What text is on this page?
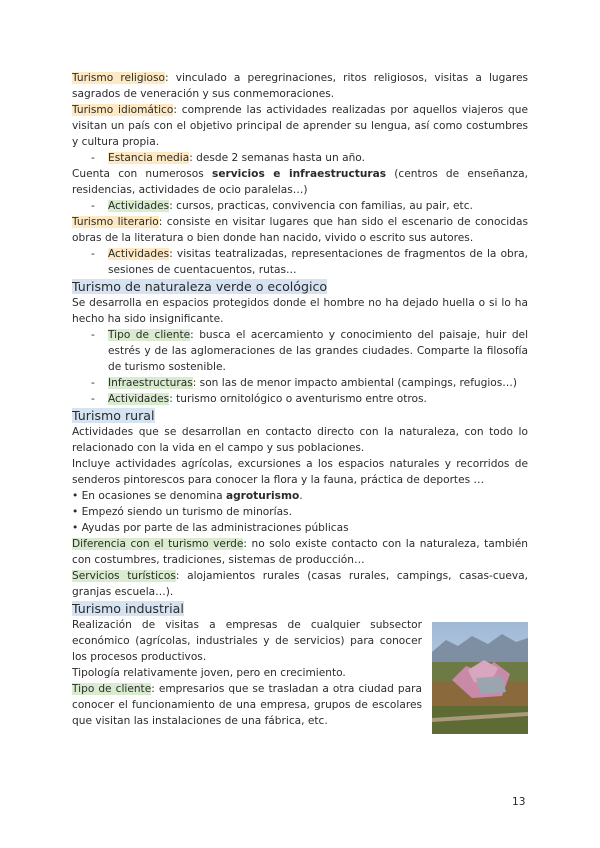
Turismo religioso: vinculado a peregrinaciones, ritos religiosos, visitas a lugares sagrados de veneración y sus conmemoraciones.

Turismo idiomático: comprende las actividades realizadas por aquellos viajeros que visitan un país con el objetivo principal de aprender su lengua, así como costumbres y cultura propia.

- Estancia media: desde 2 semanas hasta un año.

Cuenta con numerosos servicios e infraestructuras (centros de enseñanza, residencias, actividades de ocio paralelas…)

- Actividades: cursos, practicas, convivencia con familias, au pair, etc.

Turismo literario: consiste en visitar lugares que han sido el escenario de conocidas obras de la literatura o bien donde han nacido, vivido o escrito sus autores.

- Actividades: visitas teatralizadas, representaciones de fragmentos de la obra, sesiones de cuentacuentos, rutas…
Turismo de naturaleza verde o ecológico

Se desarrolla en espacios protegidos donde el hombre no ha dejado huella o si lo ha hecho ha sido insignificante.

- Tipo de cliente: busca el acercamiento y conocimiento del paisaje, huir del estrés y de las aglomeraciones de las grandes ciudades. Comparte la filosofía de turismo sostenible.
- Infraestructuras: son las de menor impacto ambiental (campings, refugios…)
- Actividades: turismo ornitológico o aventurismo entre otros.
Turismo rural

Actividades que se desarrollan en contacto directo con la naturaleza, con todo lo relacionado con la vida en el campo y sus poblaciones.

Incluye actividades agrícolas, excursiones a los espacios naturales y recorridos de senderos pintorescos para conocer la flora y la fauna, práctica de deportes …

• En ocasiones se denomina agroturismo.

• Empezó siendo un turismo de minorías.

• Ayudas por parte de las administraciones públicas

Diferencia con el turismo verde: no solo existe contacto con la naturaleza, también con costumbres, tradiciones, sistemas de producción…

Servicios turísticos: alojamientos rurales (casas rurales, campings, casas-cueva, granjas escuela…).

Turismo industrial

Realización de visitas a empresas de cualquier subsector económico (agrícolas, industriales y de servicios) para conocer los procesos productivos.

Tipología relativamente joven, pero en crecimiento.

Tipo de cliente: empresarios que se trasladan a otra ciudad para conocer el funcionamiento de una empresa, grupos de escolares que visitan las instalaciones de una fábrica, etc.

13
